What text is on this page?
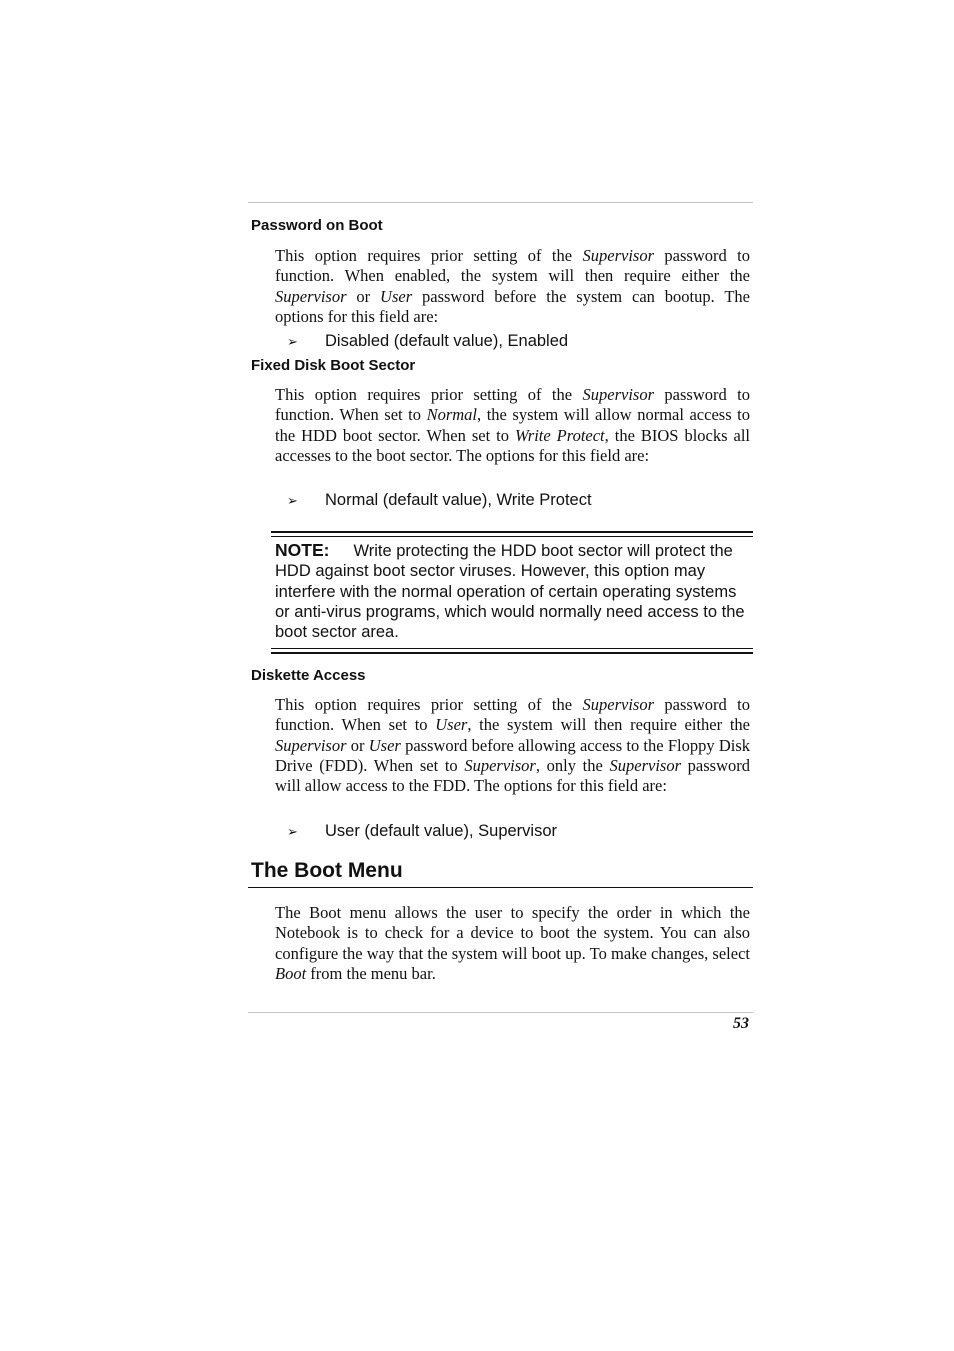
Password on Boot
This option requires prior setting of the Supervisor password to function. When enabled, the system will then require either the Supervisor or User password before the system can bootup. The options for this field are:
➢ Disabled (default value), Enabled
Fixed Disk Boot Sector
This option requires prior setting of the Supervisor password to function. When set to Normal, the system will allow normal access to the HDD boot sector. When set to Write Protect, the BIOS blocks all accesses to the boot sector. The options for this field are:
➢ Normal (default value), Write Protect
NOTE: Write protecting the HDD boot sector will protect the HDD against boot sector viruses. However, this option may interfere with the normal operation of certain operating systems or anti-virus programs, which would normally need access to the boot sector area.
Diskette Access
This option requires prior setting of the Supervisor password to function. When set to User, the system will then require either the Supervisor or User password before allowing access to the Floppy Disk Drive (FDD). When set to Supervisor, only the Supervisor password will allow access to the FDD. The options for this field are:
➢ User (default value), Supervisor
The Boot Menu
The Boot menu allows the user to specify the order in which the Notebook is to check for a device to boot the system. You can also configure the way that the system will boot up. To make changes, select Boot from the menu bar.
53
